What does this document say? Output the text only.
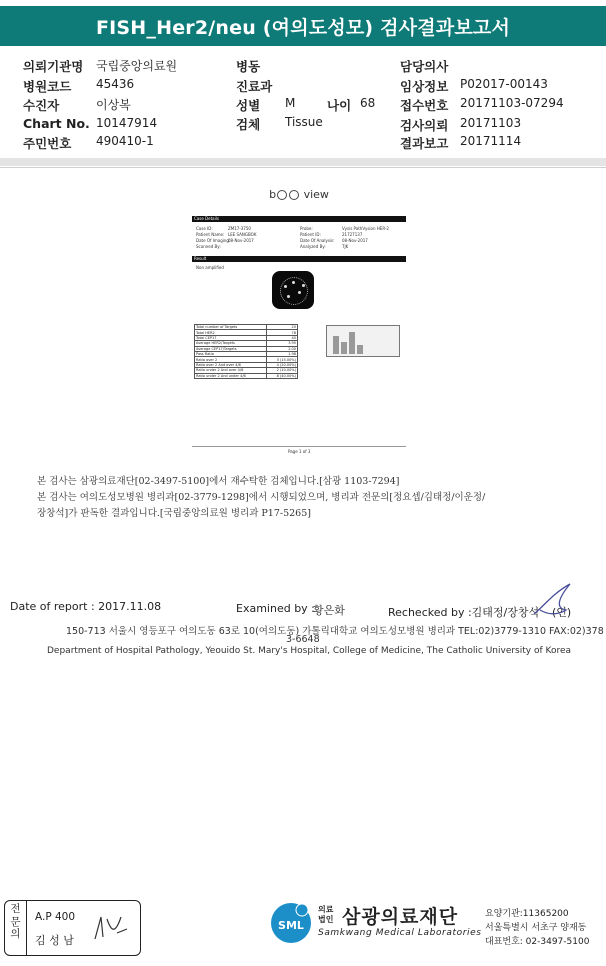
FISH_Her2/neu (여의도성모) 검사결과보고서
의뢰기관명 국립중앙의료원
병원코드 45436
수진자	이상복
Chart No. 10147914
주민번호 490410-1
병동
진료과
성별 M	나이 68
검체 Tissue
담당의사
임상정보 P02017-00143
접수번호 20171103-07294
검사의뢰 20171103
결과보고 20171114
b	view
Case Details
Case ID:	ZM17-3750
Patient Name: LEE SANGBOK
Date Of Imaging:
08-Nov-2017
Scanned By:
Probe:	Vysis PathVysion HER-2
Patient ID:	21727137
Date Of Analysis: 08-Nov-2017
Analyzed By:	TJK
Result
Non amplified
Total number of Targets	20
Total HER2	78
Total CEP17	40
Average HER2/Targets	3.95
Average CEP17/Targets	2.00
Pass Ratio	1.98
Ratio over 2	3 (15.00%)
Ratio over 2 And over 4/6	4 (20.00%)
Ratio under 2 And over 4/6	2 (10.00%)
Ratio under 2 And under 4/6	8 (40.00%)
Page 1 of 3
본 검사는 삼광의료재단[02-3497-5100]에서 재수탁한 검체입니다.[삼광 1103-7294]
본 검사는 여의도성모병원 병리과[02-3779-1298]에서 시행되었으며, 병리과 전문의[정요셉/김태정/이운정/
장창석]가 판독한 결과입니다.[국립중앙의료원 병리과 P17-5265]
Date of report : 2017.11.08	Examined by :
황은화	Rechecked by :김태정/장창석 (인)
150-713 서울시 영등포구 여의도동 63로 10(여의도동) 가톨릭대학교 여의도성모병원 병리과 TEL:02)3779-1310 FAX:02)378
3-6648
Department of Hospital Pathology, Yeouido St. Mary's Hospital, College of Medicine, The Catholic University of Korea
전문의
A.P 400
김 성 남
SML
의료
법인 삼광의료재단
Samkwang Medical Laboratories
요양기관:11365200
서울특별시 서초구 양재동
대표번호: 02-3497-5100
